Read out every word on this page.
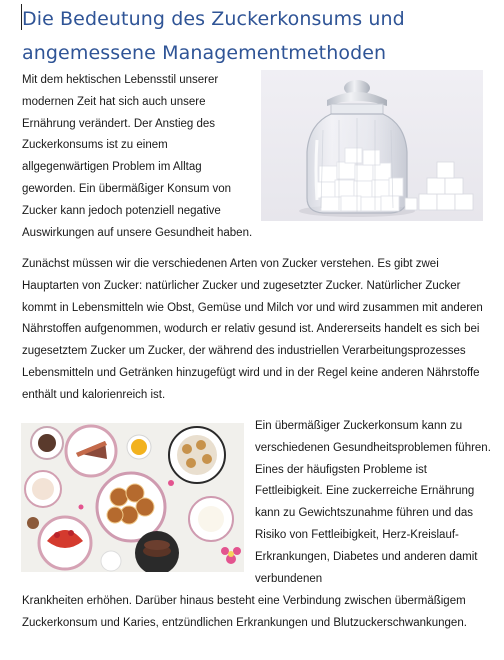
Die Bedeutung des Zuckerkonsums und
angemessene Managementmethoden

Mit dem hektischen Lebensstil unserer modernen Zeit hat sich auch unsere Ernährung verändert. Der Anstieg des Zuckerkonsums ist zu einem allgegenwärtigen Problem im Alltag geworden. Ein übermäßiger Konsum von Zucker kann jedoch potenziell negative Auswirkungen auf unsere Gesundheit haben.

Zunächst müssen wir die verschiedenen Arten von Zucker verstehen. Es gibt zwei Hauptarten von Zucker: natürlicher Zucker und zugesetzter Zucker. Natürlicher Zucker kommt in Lebensmitteln wie Obst, Gemüse und Milch vor und wird zusammen mit anderen Nährstoffen aufgenommen, wodurch er relativ gesund ist. Andererseits handelt es sich bei zugesetztem Zucker um Zucker, der während des industriellen Verarbeitungsprozesses Lebensmitteln und Getränken hinzugefügt wird und in der Regel keine anderen Nährstoffe enthält und kalorienreich ist.

Ein übermäßiger Zuckerkonsum kann zu verschiedenen Gesundheitsproblemen führen. Eines der häufigsten Probleme ist Fettleibigkeit. Eine zuckerreiche Ernährung kann zu Gewichtszunahme führen und das Risiko von Fettleibigkeit, Herz-Kreislauf-Erkrankungen, Diabetes und anderen damit verbundenen

Krankheiten erhöhen. Darüber hinaus besteht eine Verbindung zwischen übermäßigem Zuckerkonsum und Karies, entzündlichen Erkrankungen und Blutzuckerschwankungen.
